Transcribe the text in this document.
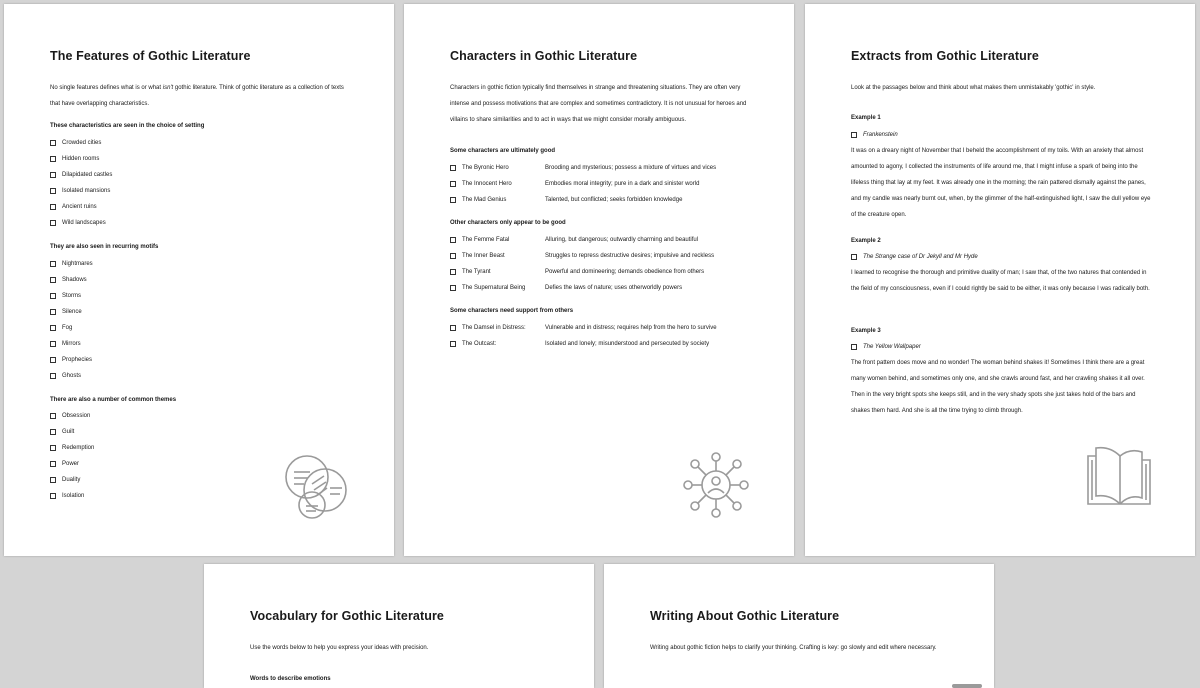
The Features of Gothic Literature
No single features defines what is or what isn't gothic literature. Think of gothic literature as a collection of texts that have overlapping characteristics.
These characteristics are seen in the choice of setting
Crowded cities
Hidden rooms
Dilapidated castles
Isolated mansions
Ancient ruins
Wild landscapes
They are also seen in recurring motifs
Nightmares
Shadows
Storms
Silence
Fog
Mirrors
Prophecies
Ghosts
There are also a number of common themes
Obsession
Guilt
Redemption
Power
Duality
Isolation
Characters in Gothic Literature
Characters in gothic fiction typically find themselves in strange and threatening situations. They are often very intense and possess motivations that are complex and sometimes contradictory. It is not unusual for heroes and villains to share similarities and to act in ways that we might consider morally ambiguous.
Some characters are ultimately good
The Byronic Hero	Brooding and mysterious; possess a mixture of virtues and vices
The Innocent Hero	Embodies moral integrity; pure in a dark and sinister world
The Mad Genius	Talented, but conflicted; seeks forbidden knowledge
Other characters only appear to be good
The Femme Fatal	Alluring, but dangerous; outwardly charming and beautiful
The Inner Beast	Struggles to repress destructive desires; impulsive and reckless
The Tyrant	Powerful and domineering; demands obedience from others
The Supernatural Being	Defies the laws of nature; uses otherworldly powers
Some characters need support from others
The Damsel in Distress:	Vulnerable and in distress; requires help from the hero to survive
The Outcast:	Isolated and lonely; misunderstood and persecuted by society
Extracts from Gothic Literature
Look at the passages below and think about what makes them unmistakably 'gothic' in style.
Example 1
Frankenstein
It was on a dreary night of November that I beheld the accomplishment of my toils. With an anxiety that almost amounted to agony, I collected the instruments of life around me, that I might infuse a spark of being into the lifeless thing that lay at my feet. It was already one in the morning; the rain pattered dismally against the panes, and my candle was nearly burnt out, when, by the glimmer of the half-extinguished light, I saw the dull yellow eye of the creature open.
Example 2
The Strange case of Dr Jekyll and Mr Hyde
I learned to recognise the thorough and primitive duality of man; I saw that, of the two natures that contended in the field of my consciousness, even if I could rightly be said to be either, it was only because I was radically both.
Example 3
The Yellow Wallpaper
The front pattern does move and no wonder! The woman behind shakes it! Sometimes I think there are a great many women behind, and sometimes only one, and she crawls around fast, and her crawling shakes it all over. Then in the very bright spots she keeps still, and in the very shady spots she just takes hold of the bars and shakes them hard. And she is all the time trying to climb through.
Vocabulary for Gothic Literature
Use the words below to help you express your ideas with precision.
Words to describe emotions
Writing About Gothic Literature
Writing about gothic fiction helps to clarify your thinking. Crafting is key: go slowly and edit where necessary.
